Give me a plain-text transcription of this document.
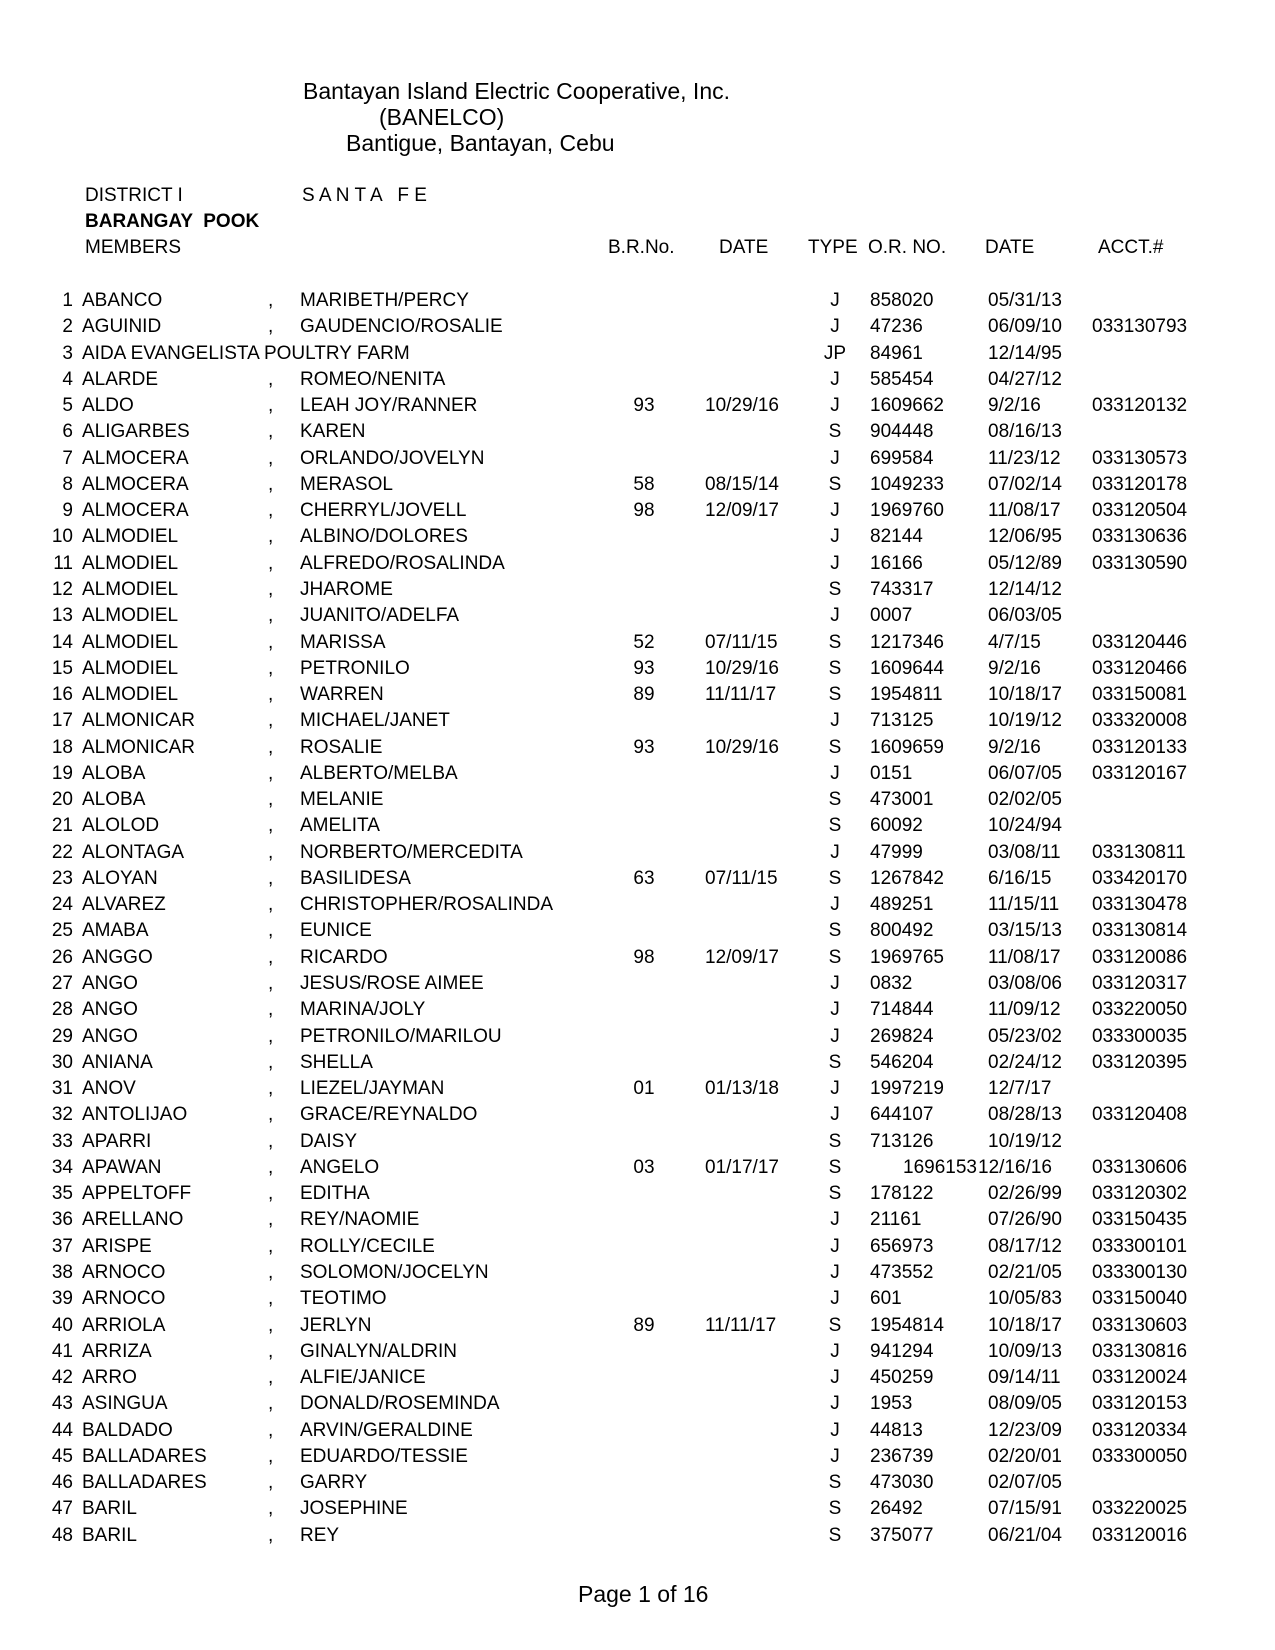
Bantayan Island Electric Cooperative, Inc.
(BANELCO)
Bantigue, Bantayan, Cebu
DISTRICT I	S A N T A   F E
BARANGAY  POOK
MEMBERS	B.R.No. DATE TYPE O.R. NO. DATE	ACCT.#
1 ABANCO	, MARIBETH/PERCY	J	858020	05/31/13
2 AGUINID	, GAUDENCIO/ROSALIE	J	47236	06/09/10 033130793
3 AIDA EVANGELISTA POULTRY FARM	JP	84961	12/14/95
4 ALARDE	, ROMEO/NENITA	J	585454	04/27/12
5 ALDO	, LEAH JOY/RANNER	93	10/29/16	J	1609662	9/2/16	033120132
6 ALIGARBES	, KAREN	S	904448	08/16/13
7 ALMOCERA	, ORLANDO/JOVELYN	J	699584	11/23/12 033130573
8 ALMOCERA	, MERASOL	58	08/15/14	S	1049233	07/02/14 033120178
9 ALMOCERA	, CHERRYL/JOVELL	98	12/09/17	J	1969760	11/08/17 033120504
10 ALMODIEL	, ALBINO/DOLORES	J	82144	12/06/95 033130636
11 ALMODIEL	, ALFREDO/ROSALINDA	J	16166	05/12/89 033130590
12 ALMODIEL	, JHAROME	S	743317	12/14/12
13 ALMODIEL	, JUANITO/ADELFA	J	0007	06/03/05
14 ALMODIEL	, MARISSA	52	07/11/15	S	1217346	4/7/15	033120446
15 ALMODIEL	, PETRONILO	93	10/29/16	S	1609644	9/2/16	033120466
16 ALMODIEL	, WARREN	89	11/11/17	S	1954811	10/18/17 033150081
17 ALMONICAR	, MICHAEL/JANET	J	713125	10/19/12 033320008
18 ALMONICAR	, ROSALIE	93	10/29/16	S	1609659	9/2/16	033120133
19 ALOBA	, ALBERTO/MELBA	J	0151	06/07/05 033120167
20 ALOBA	, MELANIE	S	473001	02/02/05
21 ALOLOD	, AMELITA	S	60092	10/24/94
22 ALONTAGA	, NORBERTO/MERCEDITA	J	47999	03/08/11 033130811
23 ALOYAN	, BASILIDESA	63	07/11/15	S	1267842	6/16/15 033420170
24 ALVAREZ	, CHRISTOPHER/ROSALINDA	J	489251	11/15/11 033130478
25 AMABA	, EUNICE	S	800492	03/15/13 033130814
26 ANGGO	, RICARDO	98	12/09/17	S	1969765	11/08/17 033120086
27 ANGO	, JESUS/ROSE AIMEE	J	0832	03/08/06 033120317
28 ANGO	, MARINA/JOLY	J	714844	11/09/12 033220050
29 ANGO	, PETRONILO/MARILOU	J	269824	05/23/02 033300035
30 ANIANA	, SHELLA	S	546204	02/24/12 033120395
31 ANOV	, LIEZEL/JAYMAN	01	01/13/18	J	1997219	12/7/17
32 ANTOLIJAO	, GRACE/REYNALDO	J	644107	08/28/13 033120408
33 APARRI	, DAISY	S	713126	10/19/12
34 APAWAN	, ANGELO	03	01/17/17	S	1696153 12/16/16 033130606
35 APPELTOFF	, EDITHA	S	178122	02/26/99 033120302
36 ARELLANO	, REY/NAOMIE	J	21161	07/26/90 033150435
37 ARISPE	, ROLLY/CECILE	J	656973	08/17/12 033300101
38 ARNOCO	, SOLOMON/JOCELYN	J	473552	02/21/05 033300130
39 ARNOCO	, TEOTIMO	J	601	10/05/83 033150040
40 ARRIOLA	, JERLYN	89	11/11/17	S	1954814	10/18/17 033130603
41 ARRIZA	, GINALYN/ALDRIN	J	941294	10/09/13 033130816
42 ARRO	, ALFIE/JANICE	J	450259	09/14/11 033120024
43 ASINGUA	, DONALD/ROSEMINDA	J	1953	08/09/05 033120153
44 BALDADO	, ARVIN/GERALDINE	J	44813	12/23/09 033120334
45 BALLADARES	, EDUARDO/TESSIE	J	236739	02/20/01 033300050
46 BALLADARES	, GARRY	S	473030	02/07/05
47 BARIL	, JOSEPHINE	S	26492	07/15/91 033220025
48 BARIL	, REY	S	375077	06/21/04 033120016
Page 1 of 16
